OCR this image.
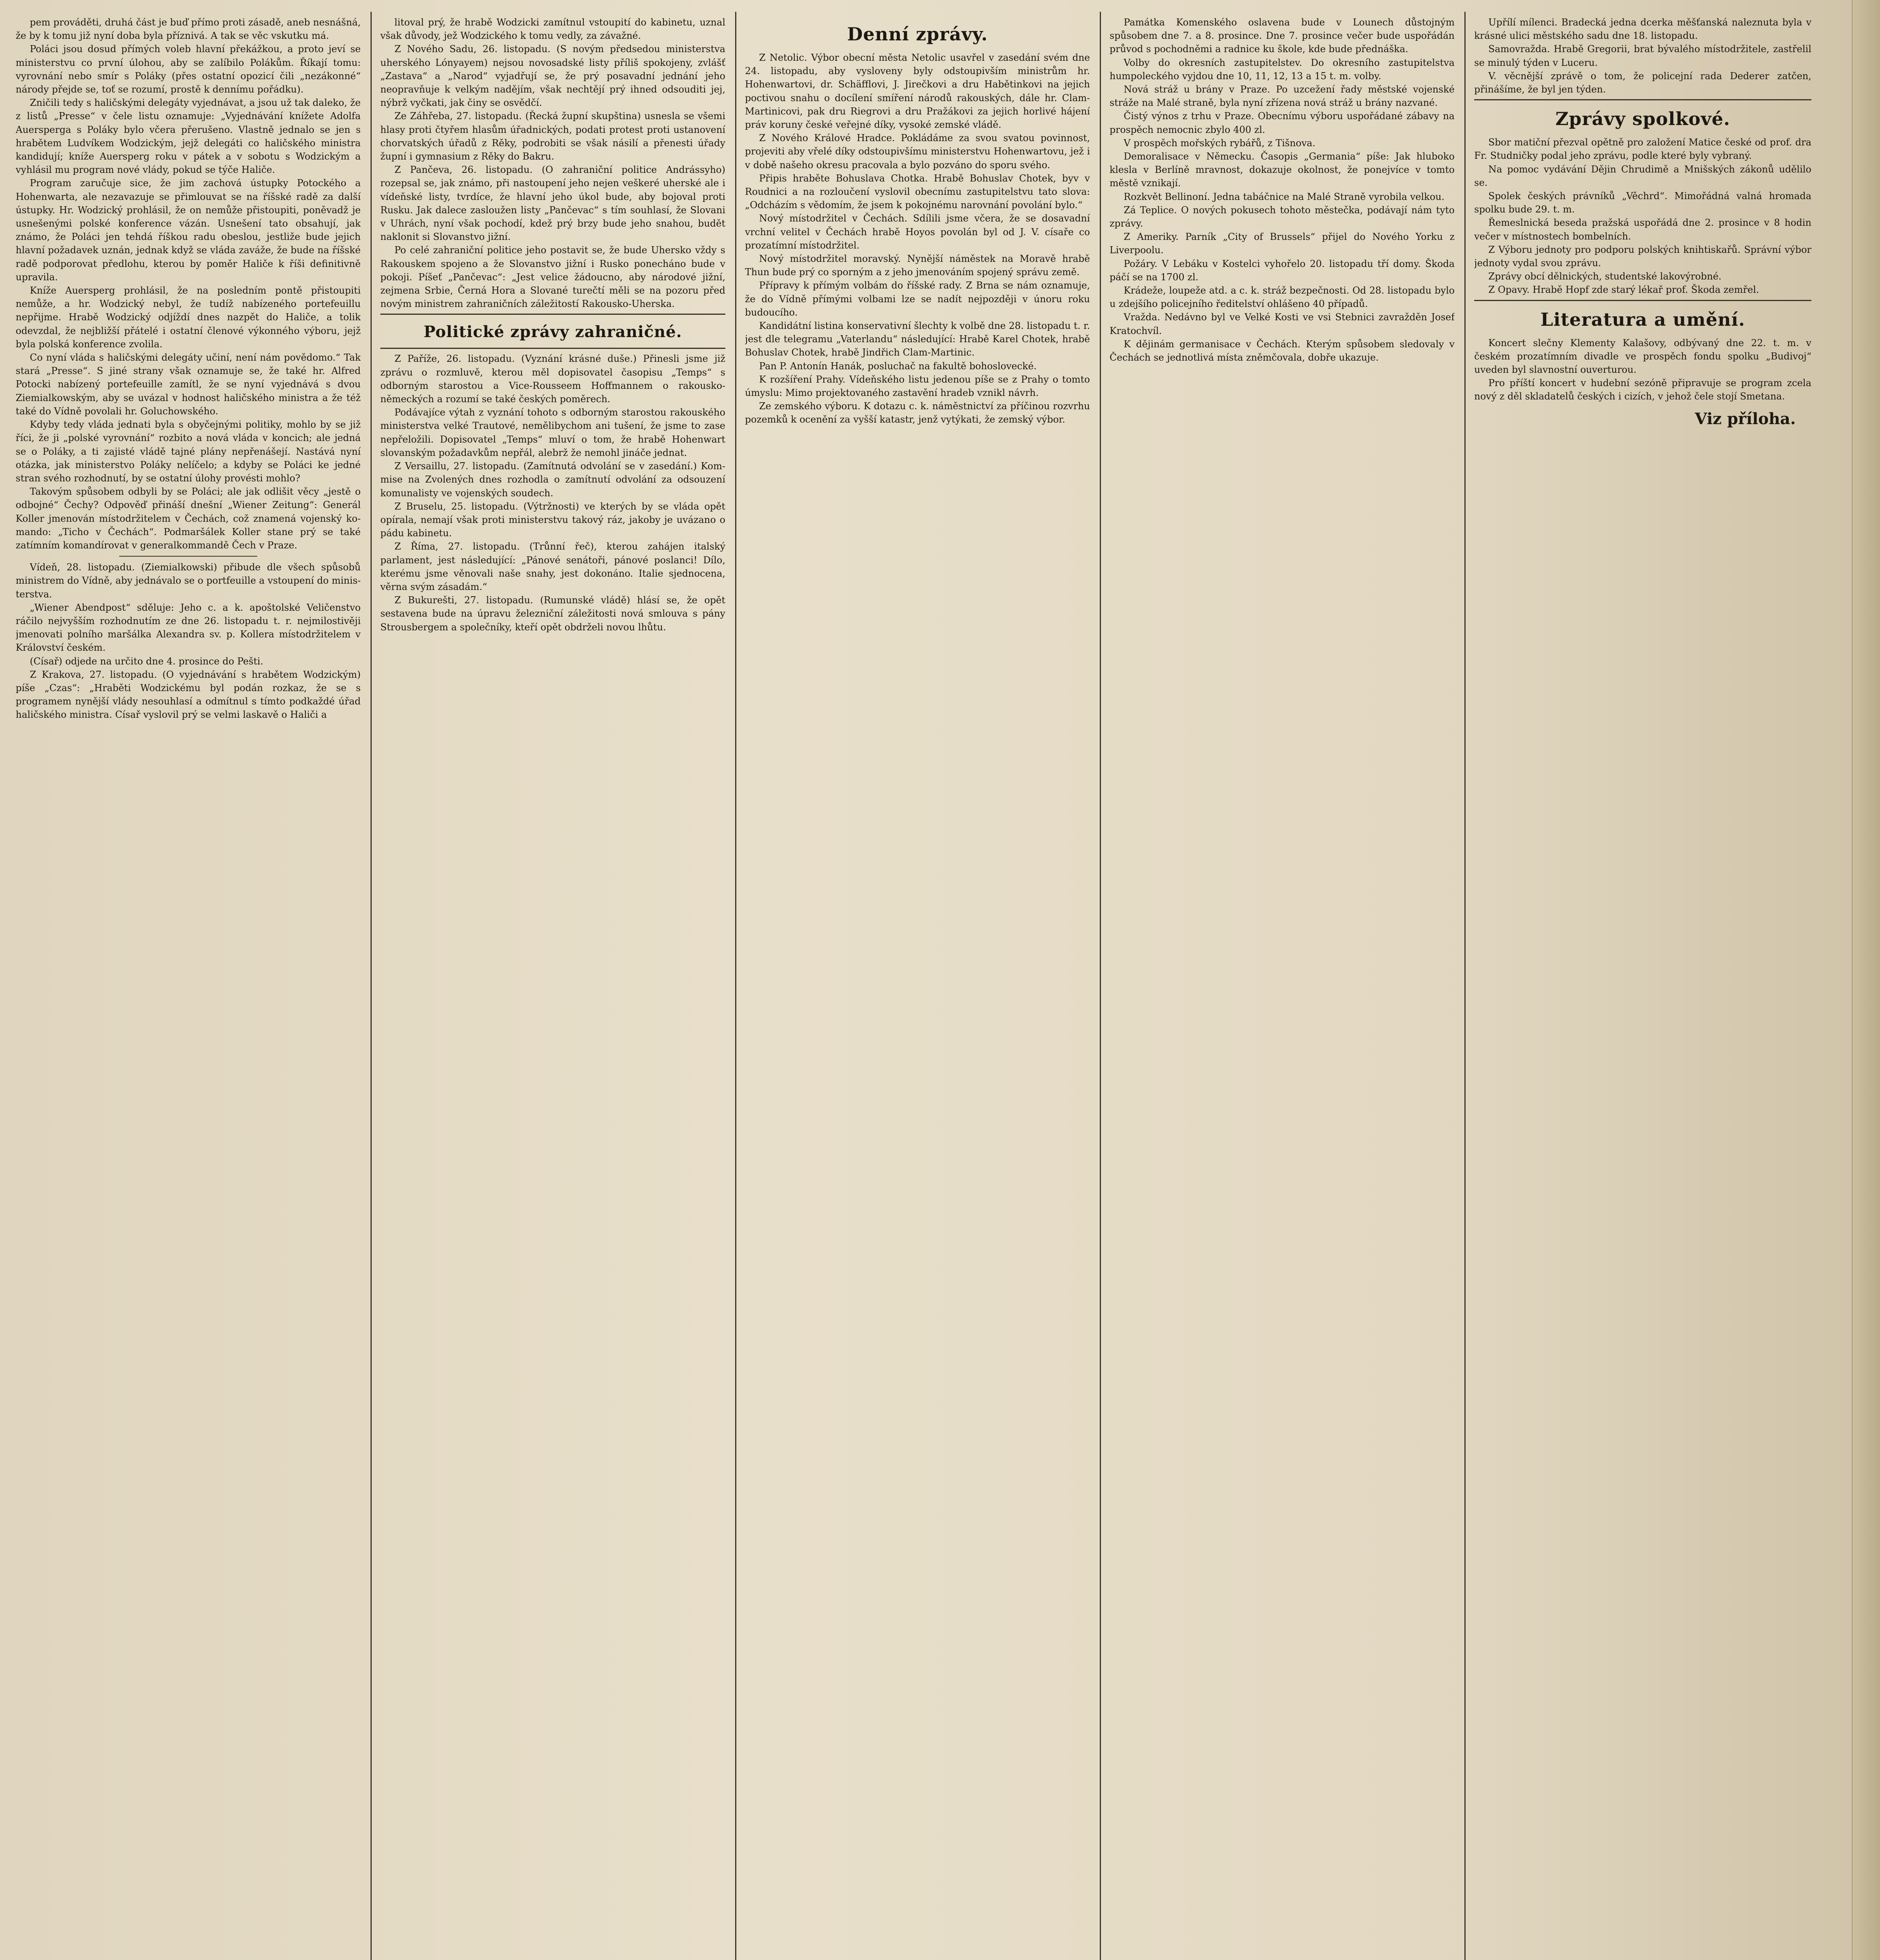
pem prováděti, druhá část je buď přímo proti zásadě, aneb nesnášná, že by k tomu již nyní doba byla příznivá. A tak se věc vskutku má.

Poláci jsou dosud přímých voleb hlavní překážkou, a proto jeví se ministerstvu co první úlohou, aby se zalíbilo Polákům. Říkají tomu: vyrovnání nebo smír s Poláky (přes ostatní opozicí čili „nezákonné“ národy přejde se, toť se rozumí, prostě k dennímu pořádku).

Zničili tedy s haličskými delegáty vyjednávat, a jsou už tak daleko, že z listů „Presse“ v čele listu oznamuje: „Vyjednávání knížete Adolfa Auersperga s Poláky bylo včera přerušeno. Vlastně jednalo se jen s hrabětem Ludvíkem Wodzickým, jejž delegáti co haličského ministra kandidují; kníže Auersperg roku v pátek a v sobotu s Wodzickým a vyhlásil mu program nové vlády, pokud se týče Haliče.

Program zaručuje sice, že jim zachová ústupky Potockého a Hohenwarta, ale nezavazuje se přimlouvat se na říšské radě za další ústupky. Hr. Wodzický prohlásil, že on nemůže přistoupiti, poněvadž je usnešenými polské konference vázán. Usnešení tato obsahují, jak známo, že Poláci jen tehdá říškou radu obeslou, jestliže bude jejich hlavní požadavek uznán, jednak když se vláda zaváže, že bude na říšské radě podporovat předlohu, kterou by poměr Haliče k říši definitivně upravila.

Kníže Auersperg prohlásil, že na posledním pontě přistoupiti nemůže, a hr. Wodzický nebyl, že tudíž nabízeného portefeuillu nepřijme. Hrabě Wodzický odjíždí dnes nazpět do Haliče, a tolik odevzdal, že nejbližší přátelé i ostatní členové výkonného výboru, jejž byla polská konference zvolila.

Co nyní vláda s haličskými delegáty učiní, není nám povědomo.“ Tak stará „Presse“. S jiné strany však oznamuje se, že také hr. Alfred Potocki nabízený portefeuille zamítl, že se nyní vyjednává s dvou Ziemialkowským, aby se uvázal v hodnost haličského ministra a že též také do Vídně povolali hr. Goluchowského.

Kdyby tedy vláda jednati byla s obyčejnými politiky, mohlo by se již říci, že ji „polské vyrovnání“ rozbito a nová vláda v koncich; ale jedná se o Poláky, a ti zajisté vládě tajné plány nepřenášejí. Nastává nyní otázka, jak ministerstvo Poláky nelíčelo; a kdyby se Poláci ke jedné stran svého rozhodnutí, by se ostatní úlohy provésti mohlo?

Takovým spůsobem odbyli by se Poláci; ale jak odlišit věcy „jestě o odbojné“ Čechy? Odpověď přináší dnešní „Wiener Zeitung“: Generál Koller jmenován místodržitelem v Čechách, což znamená vojenský komando: „Ticho v Čechách“. Podmaršálek Koller stane prý se také zatímním komandírovat v generalkommandě Čech v Praze.

Vídeň, 28. listopadu. (Ziemialkowski) přibude dle všech spůsobů ministrem do Vídně, aby jednávalo se o portfeuille a vstoupení do ministerstva.

„Wiener Abendpost“ sděluje: Jeho c. a k. apoštolské Veličenstvo ráčilo nejvyšším rozhodnutím ze dne 26. listopadu t. r. nejmilostivěji jmenovati polního maršálka Alexandra sv. p. Kollera místodržitelem v Království českém.

(Císař) odjede na určito dne 4. prosince do Pešti.

Z Krakova, 27. listopadu. (O vyjednávání s hrabětem Wodzickým) píše „Czas“: „Hraběti Wodzickému byl podán rozkaz, že se s programem nynější vlády nesouhlasí a odmítnul s tímto podkaždé úřad haličského ministra. Císař vyslovil prý se velmi laskavě o Haliči a

litoval prý, že hrabě Wodzicki zamítnul vstoupití do kabinetu, uznal však důvody, jež Wodzického k tomu vedly, za závažné.

Z Nového Sadu, 26. listopadu. (S novým předsedou ministerstva uherského Lónyayem) nejsou novosadské listy příliš spokojeny, zvlášť „Zastava“ a „Narod“ vyjadřují se, že prý posavadní jednání jeho neopravňuje k velkým nadějím, však nechtějí prý ihned odsouditi jej, nýbrž vyčkati, jak činy se osvědčí.

Ze Záhřeba, 27. listopadu. (Řecká župní skupština) usnesla se všemi hlasy proti čtyřem hlasům úřadnických, podati protest proti ustanovení chorvatských úřadů z Rěky, podrobiti se však násilí a přenesti úřady župní i gymnasium z Rěky do Bakru.

Z Pančeva, 26. listopadu. (O zahraniční politice Andrássyho) rozepsal se, jak známo, při nastoupení jeho nejen veškeré uherské ale i vídeňské listy, tvrdíce, že hlavní jeho úkol bude, aby bojoval proti Rusku. Jak dalece zasloužen listy „Pančevac“ s tím souhlasí, že Slovani v Uhrách, nyní však pochodí, kdež prý brzy bude jeho snahou, budět naklonit si Slovanstvo jižní.

Po celé zahraniční politice jeho postavit se, že bude Uhersko vždy s Rakouskem spojeno a že Slovanstvo jižní i Rusko ponecháno bude v pokoji. Píšeť „Pančevac“: „Jest velice žádoucno, aby národové jižní, zejmena Srbie, Černá Hora a Slované turečtí měli se na pozoru před novým ministrem zahraničních záležitostí Rakousko-Uherska.

Politické zprávy zahraničné.

Z Paříže, 26. listopadu. (Vyznání krásné duše.) Přinesli jsme již zprávu o rozmluvě, kterou měl dopisovatel časopisu „Temps“ s odborným starostou a Vice-Rousseem Hoffmannem o rakousko-německých a rozumí se také českých poměrech.

Podávajíce výtah z vyznání tohoto s odborným starostou rakouského ministerstva velké Trautové, nemělibychom ani tušení, že jsme to zase nepřeložili. Dopisovatel „Temps“ mluví o tom, že hrabě Hohenwart slovanským požadavkům nepřál, alebrž že nemohl jináče jednat.

Z Versaillu, 27. listopadu. (Zamítnutá odvolání se v zasedání.) Kommise na Zvolených dnes rozhodla o zamítnutí odvolání za odsouzení komunalisty ve vojenských soudech.

Z Bruselu, 25. listopadu. (Výtržnosti) ve kterých by se vláda opět opírala, nemají však proti ministerstvu takový ráz, jakoby je uvázano o pádu kabinetu.

Z Říma, 27. listopadu. (Trůnní řeč), kterou zahájen italský parlament, jest následující: „Pánové senátoři, pánové poslanci! Dílo, kterému jsme věnovali naše snahy, jest dokonáno. Italie sjednocena, věrna svým zásadám.“

Z Bukurešti, 27. listopadu. (Rumunské vládě) hlásí se, že opět sestavena bude na úpravu železniční záležitosti nová smlouva s pány Strousbergem a společníky, kteří opět obdrželi novou lhůtu.

Denní zprávy.

Z Netolic. Výbor obecní města Netolic usavřel v zasedání svém dne 24. listopadu, aby vysloveny byly odstoupivším ministrům hr. Hohenwartovi, dr. Schäfflovi, J. Jirečkovi a dru Habětinkovi na jejich poctivou snahu o docílení smíření národů rakouských, dále hr. Clam-Martinicovi, pak dru Riegrovi a dru Pražákovi za jejich horlivé hájení práv koruny české veřejné díky, vysoké zemské vládě.

Z Nového Králové Hradce. Pokládáme za svou svatou povinnost, projeviti aby vřelé díky odstoupivšímu ministerstvu Hohenwartovu, jež i v době našeho okresu pracovala a bylo pozváno do sporu svého.

Připis hraběte Bohuslava Chotka. Hrabě Bohuslav Chotek, byv v Roudnici a na rozloučení vyslovil obecnímu zastupitelstvu tato slova: „Odcházím s vědomím, že jsem k pokojnému narovnání povolání bylo.“

Nový místodržitel v Čechách. Sdílili jsme včera, že se dosavadní vrchní velitel v Čechách hrabě Hoyos povolán byl od J. V. císaře co prozatímní místodržitel.

Nový místodržitel moravský. Nynější náměstek na Moravě hrabě Thun bude prý co sporným a z jeho jmenováním spojený správu země.

Přípravy k přímým volbám do říšské rady. Z Brna se nám oznamuje, že do Vídně přímými volbami lze se nadít nejpozději v únoru roku budoucího.

Kandidátní listina konservativní šlechty k volbě dne 28. listopadu t. r. jest dle telegramu „Vaterlandu“ následující: Hrabě Karel Chotek, hrabě Bohuslav Chotek, hrabě Jindřich Clam-Martinic.

Pan P. Antonín Hanák, posluchač na fakultě bohoslovecké.

K rozšíření Prahy. Vídeňského listu jedenou píše se z Prahy o tomto úmyslu: Mimo projektovaného zastavění hradeb vznikl návrh.

Ze zemského výboru. K dotazu c. k. náměstnictví za příčinou rozvrhu pozemků k ocenění za vyšší katastr, jenž vytýkati, že zemský výbor.

Památka Komenského oslavena bude v Lounech důstojným spůsobem dne 7. a 8. prosince. Dne 7. prosince večer bude uspořádán průvod s pochodněmi a radnice ku škole, kde bude přednáška.

Volby do okresních zastupitelstev. Do okresního zastupitelstva humpoleckého vyjdou dne 10, 11, 12, 13 a 15 t. m. volby.

Nová stráž u brány v Praze. Po uzcežení řady městské vojenské stráže na Malé straně, byla nyní zřízena nová stráž u brány nazvané.

Čistý výnos z trhu v Praze. Obecnímu výboru uspořádané zábavy na prospěch nemocnic zbylo 400 zl.

V prospěch mořských rybářů, z Tišnova.

Demoralisace v Německu. Časopis „Germania“ píše: Jak hluboko klesla v Berlíně mravnost, dokazuje okolnost, že ponejvíce v tomto městě vznikají.

Rozkvět Bellinoní. Jedna tabáčnice na Malé Straně vyrobila velkou.

Zá Teplice. O nových pokusech tohoto městečka, podávají nám tyto zprávy.

Z Ameriky. Parník „City of Brussels“ přijel do Nového Yorku z Liverpoolu.

Požáry. V Lebáku v Kostelci vyhořelo 20. listopadu tří domy. Škoda páčí se na 1700 zl.

Krádeže, loupeže atd. a c. k. stráž bezpečnosti. Od 28. listopadu bylo u zdejšího policejního ředitelství ohlášeno 40 případů.

Vražda. Nedávno byl ve Velké Kosti ve vsi Stebnici zavražděn Josef Kratochvíl.

K dějinám germanisace v Čechách. Kterým spůsobem sledovaly v Čechách se jednotlivá místa zněmčovala, dobře ukazuje.

Upřílí mílenci. Bradecká jedna dcerka měšťanská naleznuta byla v krásné ulici městského sadu dne 18. listopadu.

Samovražda. Hrabě Gregorii, brat bývalého místodržitele, zastřelil se minulý týden v Luceru.

V. věcnější zprávě o tom, že policejní rada Dederer zatčen, přinášíme, že byl jen týden.

Zprávy spolkové.

Sbor matiční přezval opětně pro založení Matice české od prof. dra Fr. Studničky podal jeho zprávu, podle které byly vybraný.

Na pomoc vydávání Dějin Chrudimě a Mnišských zákonů udělilo se.

Spolek českých právníků „Věchrd“. Mimořádná valná hromada spolku bude 29. t. m.

Řemeslnická beseda pražská uspořádá dne 2. prosince v 8 hodin večer v místnostech bombelních.

Z Výboru jednoty pro podporu polských knihtiskařů. Správní výbor jednoty vydal svou zprávu.

Zprávy obcí dělnických, studentské lakovýrobné.

Z Opavy. Hrabě Hopf zde starý lékař prof. Škoda zemřel.

Literatura a umění.

Koncert slečny Klementy Kalašovy, odbývaný dne 22. t. m. v českém prozatímním divadle ve prospěch fondu spolku „Budivoj“ uveden byl slavnostní ouverturou.

Pro příští koncert v hudební sezóně připravuje se program zcela nový z děl skladatelů českých i cizích, v jehož čele stojí Smetana.

Viz příloha.
